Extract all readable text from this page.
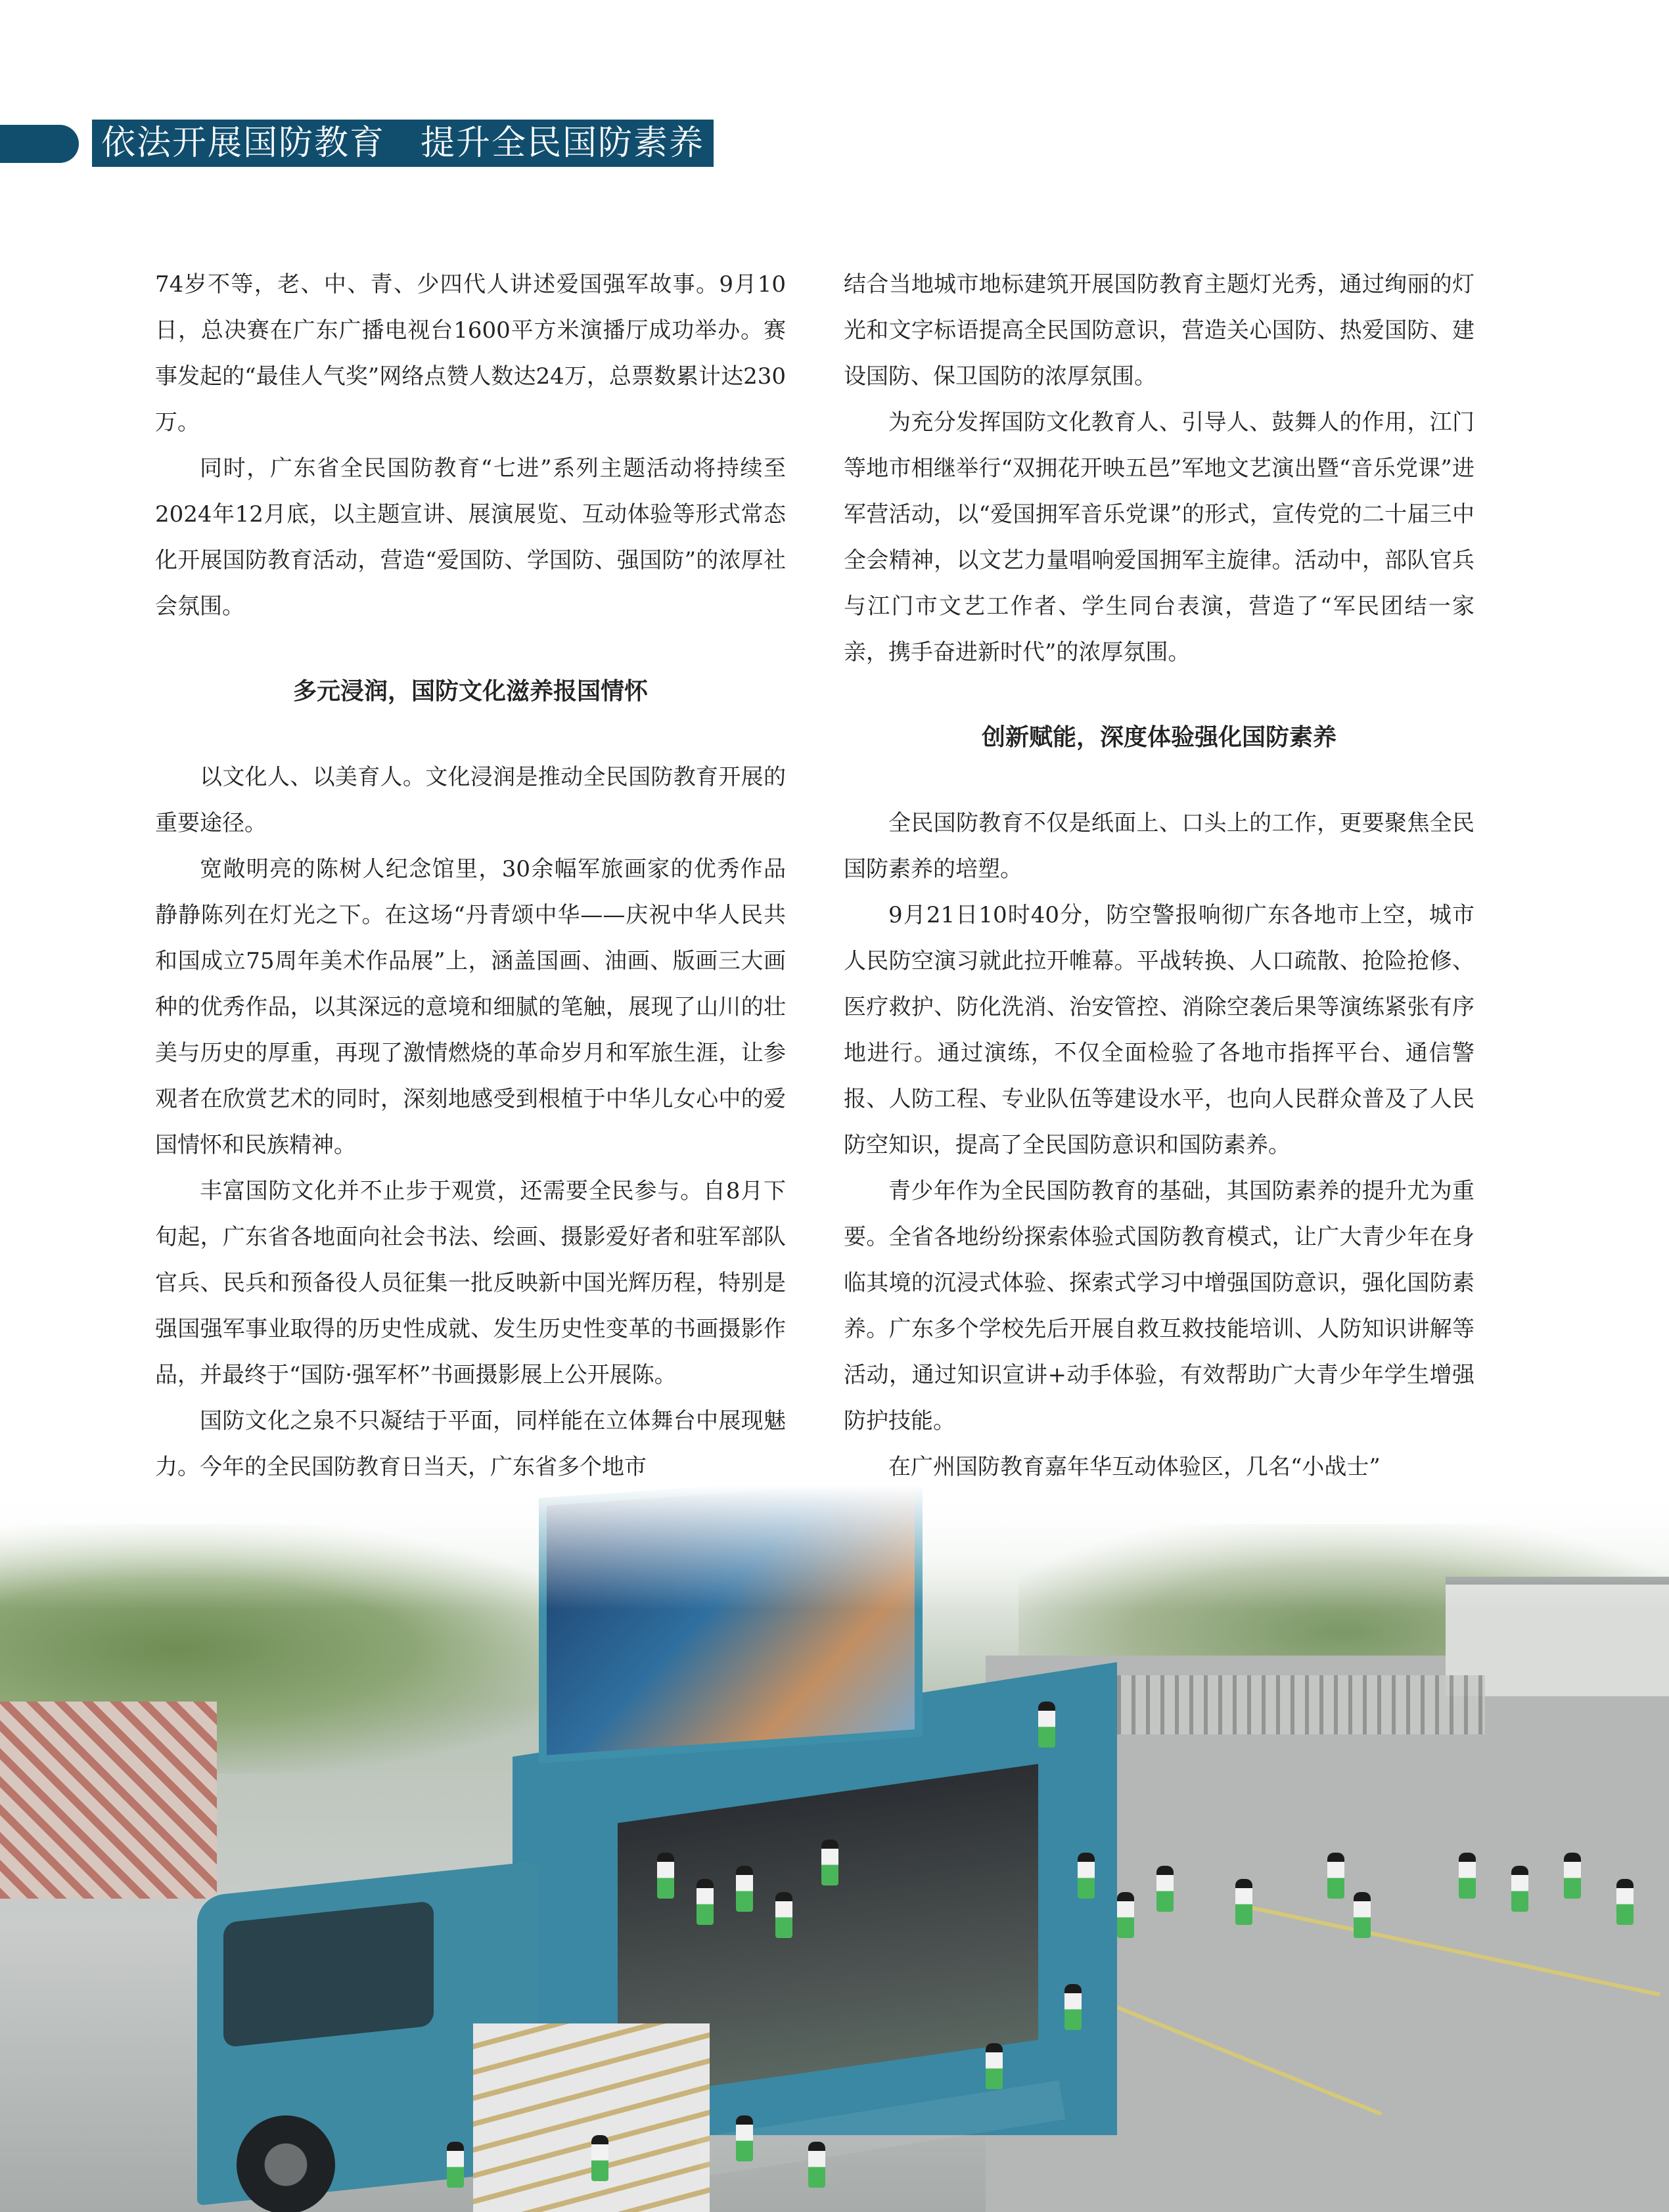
依法开展国防教育　提升全民国防素养

74岁不等，老、中、青、少四代人讲述爱国强军故事。9月10日，总决赛在广东广播电视台1600平方米演播厅成功举办。赛事发起的“最佳人气奖”网络点赞人数达24万，总票数累计达230万。

同时，广东省全民国防教育“七进”系列主题活动将持续至2024年12月底，以主题宣讲、展演展览、互动体验等形式常态化开展国防教育活动，营造“爱国防、学国防、强国防”的浓厚社会氛围。

多元浸润，国防文化滋养报国情怀

以文化人、以美育人。文化浸润是推动全民国防教育开展的重要途径。

宽敞明亮的陈树人纪念馆里，30余幅军旅画家的优秀作品静静陈列在灯光之下。在这场“丹青颂中华——庆祝中华人民共和国成立75周年美术作品展”上，涵盖国画、油画、版画三大画种的优秀作品，以其深远的意境和细腻的笔触，展现了山川的壮美与历史的厚重，再现了激情燃烧的革命岁月和军旅生涯，让参观者在欣赏艺术的同时，深刻地感受到根植于中华儿女心中的爱国情怀和民族精神。

丰富国防文化并不止步于观赏，还需要全民参与。自8月下旬起，广东省各地面向社会书法、绘画、摄影爱好者和驻军部队官兵、民兵和预备役人员征集一批反映新中国光辉历程，特别是强国强军事业取得的历史性成就、发生历史性变革的书画摄影作品，并最终于“国防·强军杯”书画摄影展上公开展陈。

国防文化之泉不只凝结于平面，同样能在立体舞台中展现魅力。今年的全民国防教育日当天，广东省多个地市

结合当地城市地标建筑开展国防教育主题灯光秀，通过绚丽的灯光和文字标语提高全民国防意识，营造关心国防、热爱国防、建设国防、保卫国防的浓厚氛围。

为充分发挥国防文化教育人、引导人、鼓舞人的作用，江门等地市相继举行“双拥花开映五邑”军地文艺演出暨“音乐党课”进军营活动，以“爱国拥军音乐党课”的形式，宣传党的二十届三中全会精神，以文艺力量唱响爱国拥军主旋律。活动中，部队官兵与江门市文艺工作者、学生同台表演，营造了“军民团结一家亲，携手奋进新时代”的浓厚氛围。

创新赋能，深度体验强化国防素养

全民国防教育不仅是纸面上、口头上的工作，更要聚焦全民国防素养的培塑。

9月21日10时40分，防空警报响彻广东各地市上空，城市人民防空演习就此拉开帷幕。平战转换、人口疏散、抢险抢修、医疗救护、防化洗消、治安管控、消除空袭后果等演练紧张有序地进行。通过演练，不仅全面检验了各地市指挥平台、通信警报、人防工程、专业队伍等建设水平，也向人民群众普及了人民防空知识，提高了全民国防意识和国防素养。

青少年作为全民国防教育的基础，其国防素养的提升尤为重要。全省各地纷纷探索体验式国防教育模式，让广大青少年在身临其境的沉浸式体验、探索式学习中增强国防意识，强化国防素养。广东多个学校先后开展自救互救技能培训、人防知识讲解等活动，通过知识宣讲+动手体验，有效帮助广大青少年学生增强防护技能。

在广州国防教育嘉年华互动体验区，几名“小战士”
